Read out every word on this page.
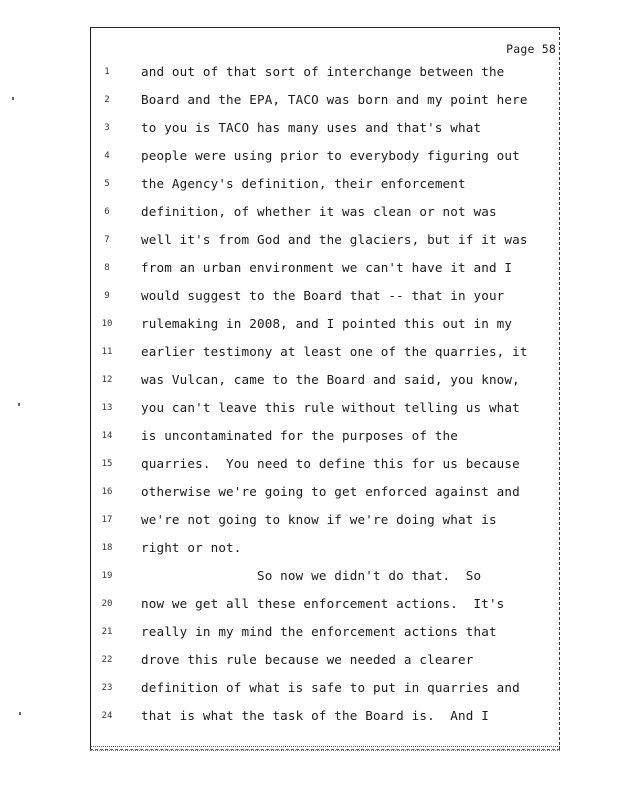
Page 58
1	and out of that sort of interchange between the
2	Board and the EPA, TACO was born and my point here
3	to you is TACO has many uses and that's what
4	people were using prior to everybody figuring out
5	the Agency's definition, their enforcement
6	definition, of whether it was clean or not was
7	well it's from God and the glaciers, but if it was
8	from an urban environment we can't have it and I
9	would suggest to the Board that -- that in your
10	rulemaking in 2008, and I pointed this out in my
11	earlier testimony at least one of the quarries, it
12	was Vulcan, came to the Board and said, you know,
13	you can't leave this rule without telling us what
14	is uncontaminated for the purposes of the
15	quarries.  You need to define this for us because
16	otherwise we're going to get enforced against and
17	we're not going to know if we're doing what is
18	right or not.
19	So now we didn't do that.  So
20	now we get all these enforcement actions.  It's
21	really in my mind the enforcement actions that
22	drove this rule because we needed a clearer
23	definition of what is safe to put in quarries and
24	that is what the task of the Board is.  And I
